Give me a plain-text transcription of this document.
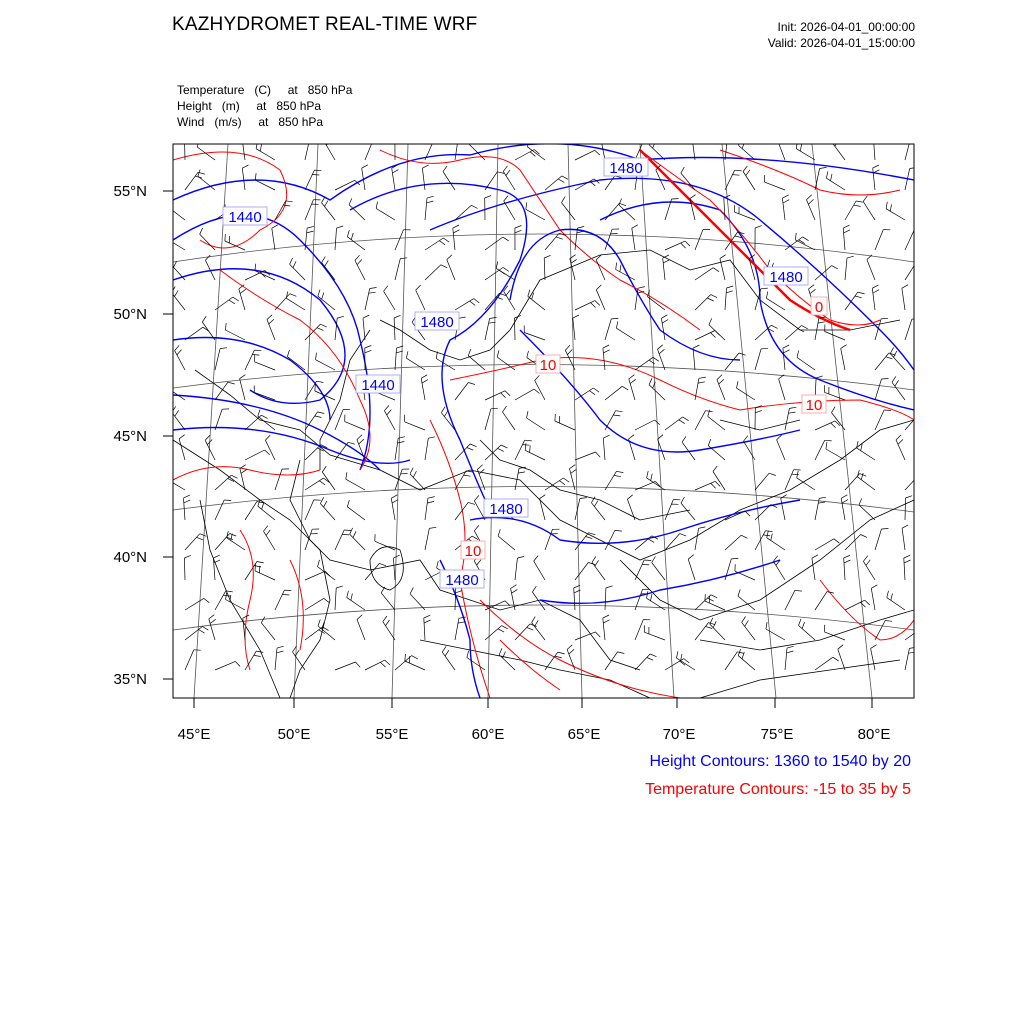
KAZHYDROMET REAL-TIME WRF	Init: 2026-04-01_00:00:00
Valid: 2026-04-01_15:00:00
Temperature (C) at   850 hPa
Height (m) at   850 hPa
Wind (m/s) at   850 hPa
55°N
50°N
45°N
40°N
35°N
45°E	50°E	55°E	60°E	65°E	70°E	75°E	80°E
1480
1440
1480
1440
1480
1480
1480
10
10
10
0
Height Contours: 1360 to 1540 by 20
Temperature Contours: -15 to 35 by 5
